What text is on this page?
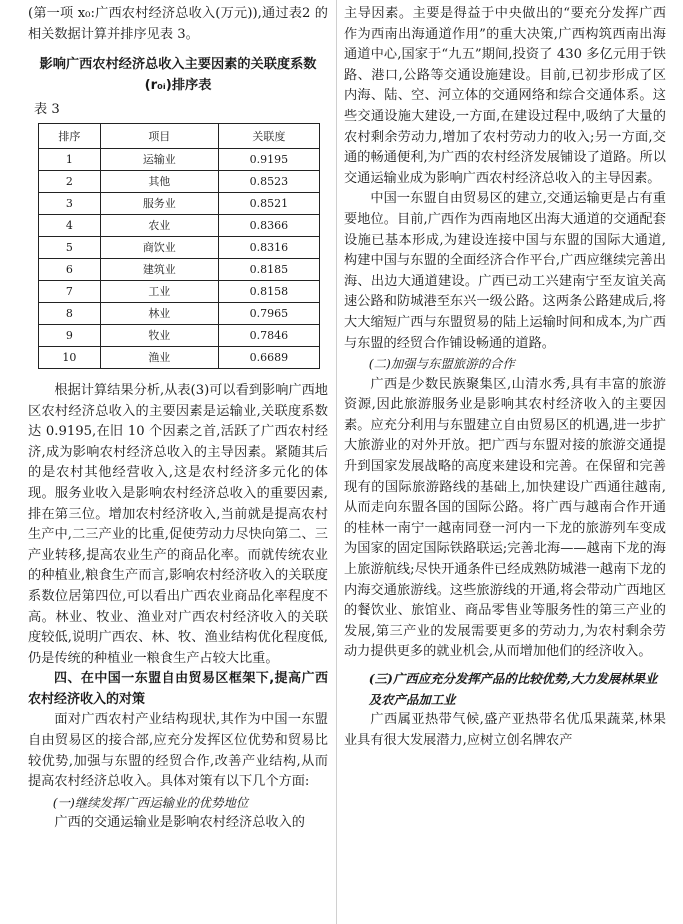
(第一项 x₀:广西农村经济总收入(万元)),通过表2 的相关数据计算并排序见表 3。

影响广西农村经济总收入主要因素的关联度系数(r₀ᵢ)排序表

表 3

排序	项目	关联度
1	运输业	0.9195
2	其他	0.8523
3	服务业	0.8521
4	农业	0.8366
5	商饮业	0.8316
6	建筑业	0.8185
7	工业	0.8158
8	林业	0.7965
9	牧业	0.7846
10	渔业	0.6689

根据计算结果分析,从表(3)可以看到影响广西地区农村经济总收入的主要因素是运输业,关联度系数达 0.9195,在旧 10 个因素之首,活跃了广西农村经济,成为影响农村经济总收入的主导因素。紧随其后的是农村其他经营收入,这是农村经济多元化的体现。服务业收入是影响农村经济总收入的重要因素,排在第三位。增加农村经济收入,当前就是提高农村生产中,二三产业的比重,促使劳动力尽快向第二、三产业转移,提高农业生产的商品化率。而就传统农业的种植业,粮食生产而言,影响农村经济收入的关联度系数位居第四位,可以看出广西农业商品化率程度不高。林业、牧业、渔业对广西农村经济收入的关联度较低,说明广西农、林、牧、渔业结构优化程度低,仍是传统的种植业一粮食生产占较大比重。

四、在中国一东盟自由贸易区框架下,提高广西农村经济收入的对策

面对广西农村产业结构现状,其作为中国一东盟自由贸易区的接合部,应充分发挥区位优势和贸易比较优势,加强与东盟的经贸合作,改善产业结构,从而提高农村经济总收入。具体对策有以下几个方面:

(一)继续发挥广西运输业的优势地位

广西的交通运输业是影响农村经济总收入的

主导因素。主要是得益于中央做出的“要充分发挥广西作为西南出海通道作用”的重大决策,广西构筑西南出海通道中心,国家于“九五”期间,投资了 430 多亿元用于铁路、港口,公路等交通设施建设。目前,已初步形成了区内海、陆、空、河立体的交通网络和综合交通体系。这些交通设施大建设,一方面,在建设过程中,吸纳了大量的农村剩余劳动力,增加了农村劳动力的收入;另一方面,交通的畅通便利,为广西的农村经济发展铺设了道路。所以交通运输业成为影响广西农村经济总收入的主导因素。

中国一东盟自由贸易区的建立,交通运输更是占有重要地位。目前,广西作为西南地区出海大通道的交通配套设施已基本形成,为建设连接中国与东盟的国际大通道,构建中国与东盟的全面经济合作平台,广西应继续完善出海、出边大通道建设。广西已动工兴建南宁至友谊关高速公路和防城港至东兴一级公路。这两条公路建成后,将大大缩短广西与东盟贸易的陆上运输时间和成本,为广西与东盟的经贸合作铺设畅通的道路。

(二)加强与东盟旅游的合作

广西是少数民族聚集区,山清水秀,具有丰富的旅游资源,因此旅游服务业是影响其农村经济收入的主要因素。应充分利用与东盟建立自由贸易区的机遇,进一步扩大旅游业的对外开放。把广西与东盟对接的旅游交通提升到国家发展战略的高度来建设和完善。在保留和完善现有的国际旅游路线的基础上,加快建设广西通往越南,从而走向东盟各国的国际公路。将广西与越南合作开通的桂林一南宁一越南同登一河内一下龙的旅游列车变成为国家的固定国际铁路联运;完善北海——越南下龙的海上旅游航线;尽快开通条件已经成熟防城港一越南下龙的内海交通旅游线。这些旅游线的开通,将会带动广西地区的餐饮业、旅馆业、商品零售业等服务性的第三产业的发展,第三产业的发展需要更多的劳动力,为农村剩余劳动力提供更多的就业机会,从而增加他们的经济收入。

(三)广西应充分发挥产品的比较优势,大力发展林果业及农产品加工业

广西属亚热带气候,盛产亚热带名优瓜果蔬菜,林果业具有很大发展潜力,应树立创名牌农产
